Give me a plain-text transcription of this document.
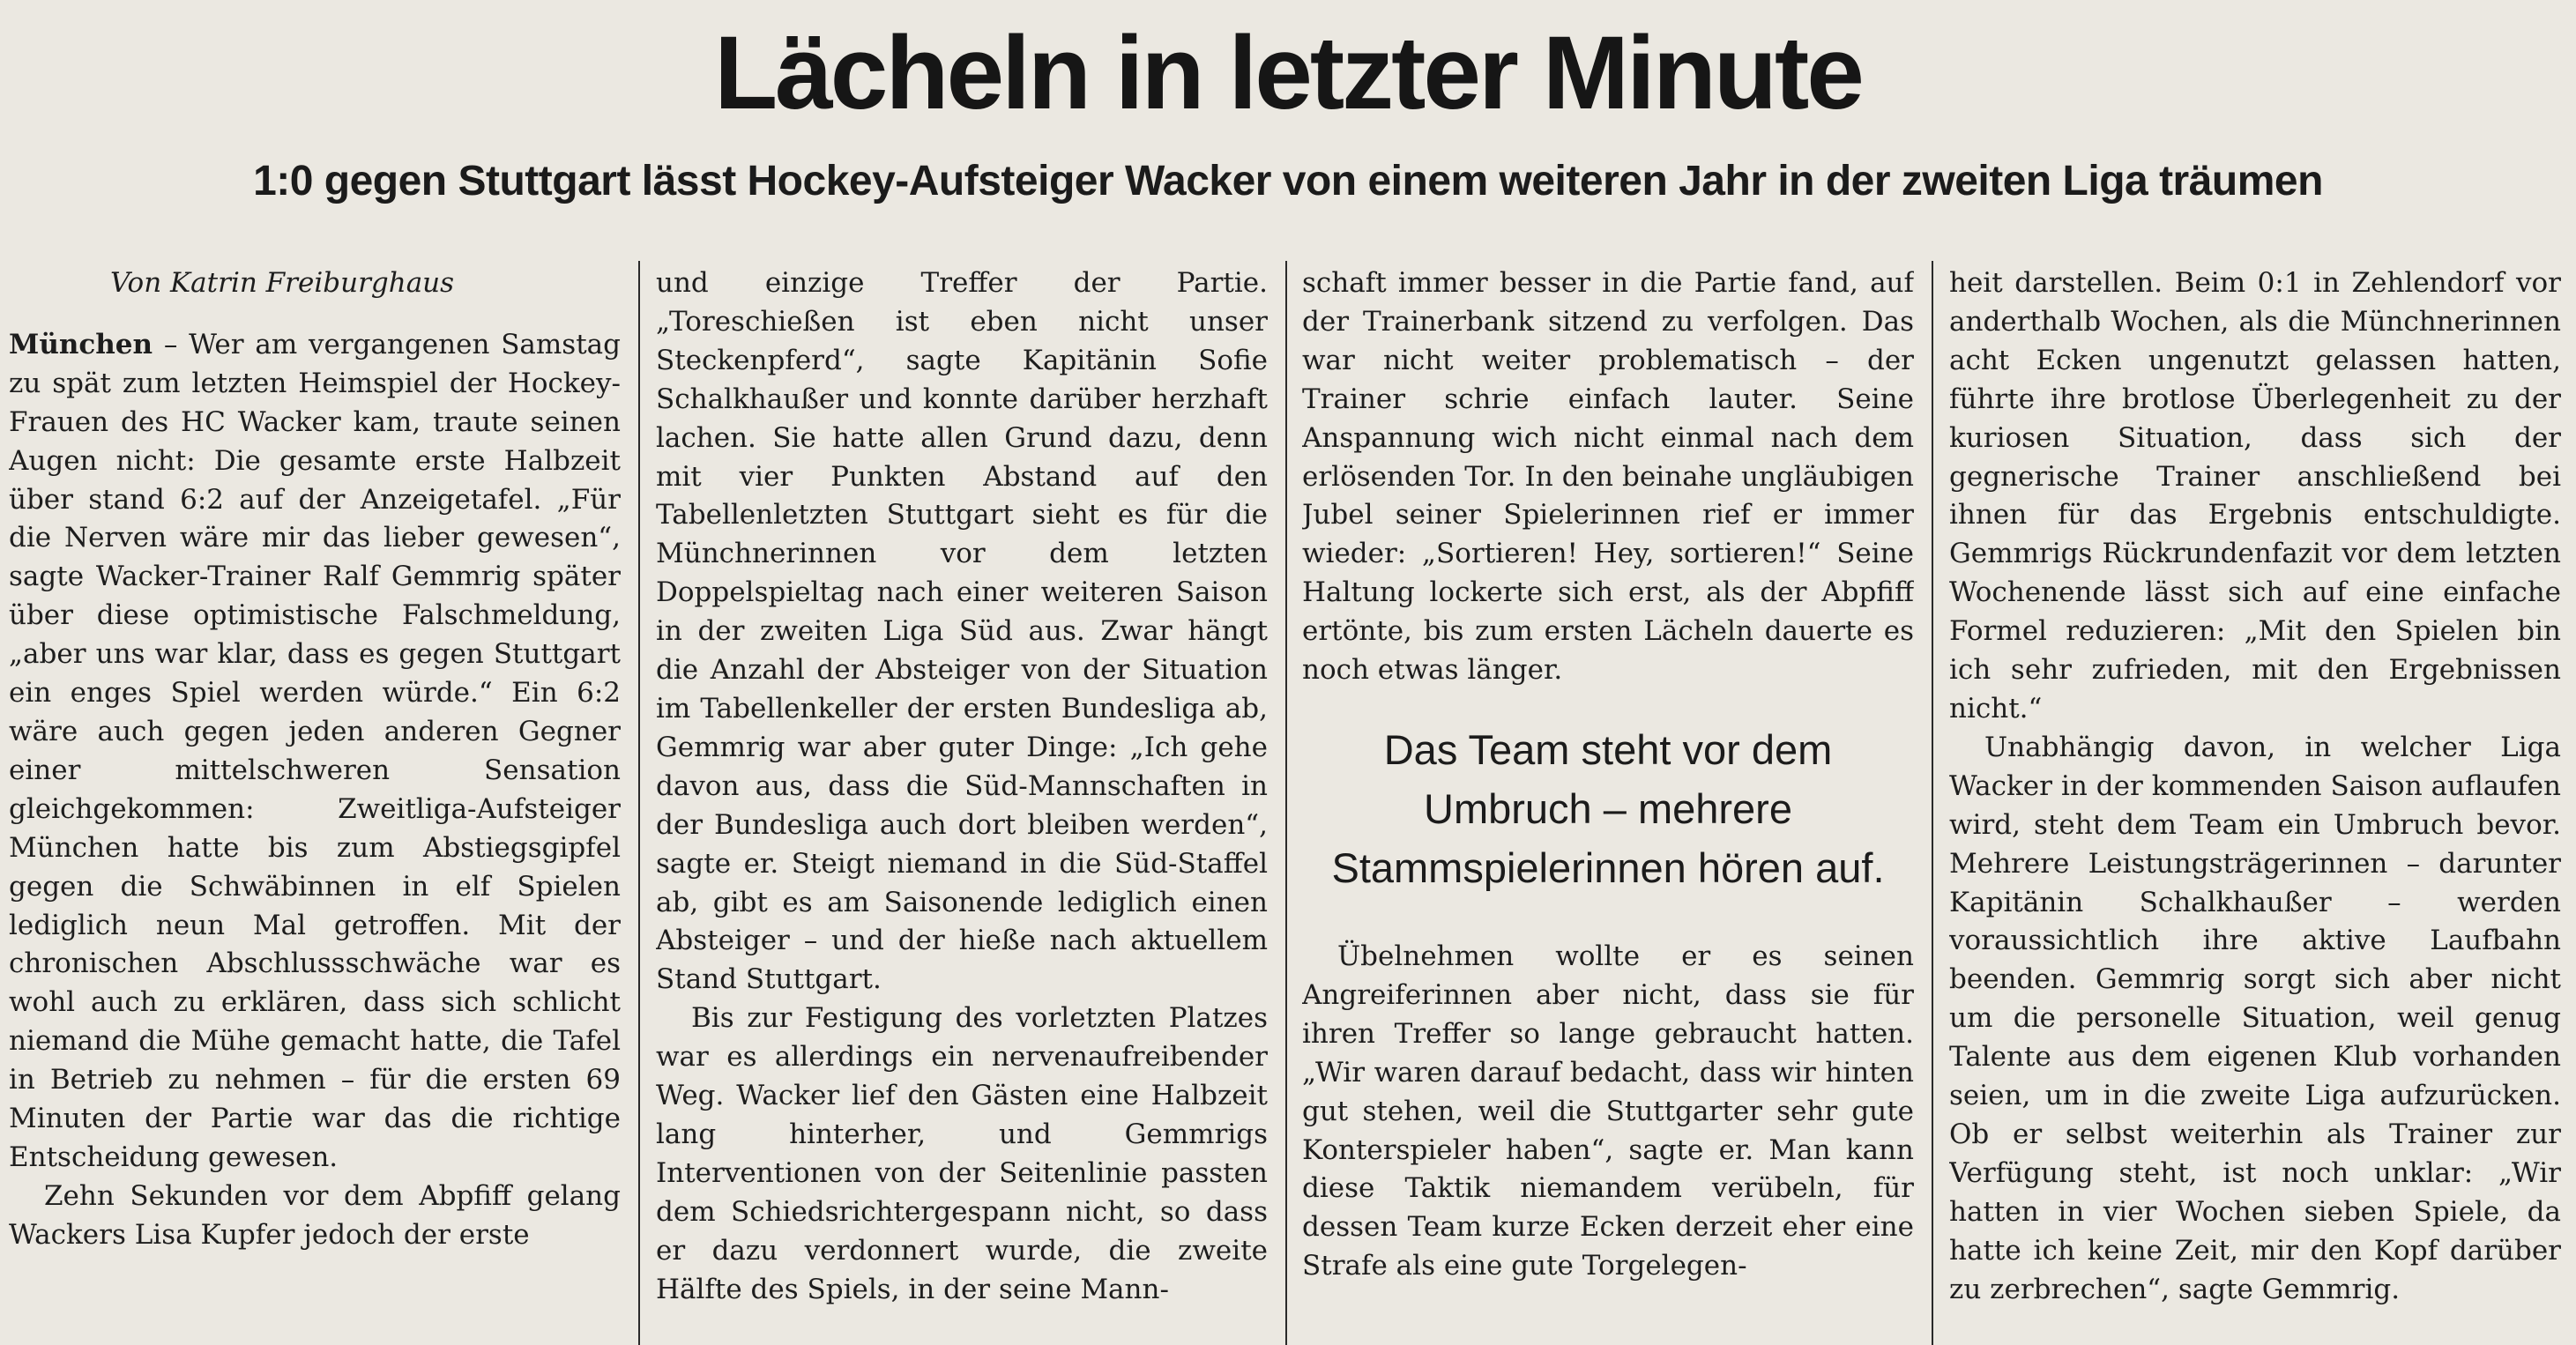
Lächeln in letzter Minute
1:0 gegen Stuttgart lässt Hockey-Aufsteiger Wacker von einem weiteren Jahr in der zweiten Liga träumen

Von Katrin Freiburghaus

München – Wer am vergangenen Samstag zu spät zum letzten Heimspiel der Hockey-Frauen des HC Wacker kam, traute seinen Augen nicht: Die gesamte erste Halbzeit über stand 6:2 auf der Anzeigetafel. „Für die Nerven wäre mir das lieber gewesen“, sagte Wacker-Trainer Ralf Gemmrig später über diese optimistische Falschmeldung, „aber uns war klar, dass es gegen Stuttgart ein enges Spiel werden würde.“ Ein 6:2 wäre auch gegen jeden anderen Gegner einer mittelschweren Sensation gleichgekommen: Zweitliga-Aufsteiger München hatte bis zum Abstiegsgipfel gegen die Schwäbinnen in elf Spielen lediglich neun Mal getroffen. Mit der chronischen Abschlussschwäche war es wohl auch zu erklären, dass sich schlicht niemand die Mühe gemacht hatte, die Tafel in Betrieb zu nehmen – für die ersten 69 Minuten der Partie war das die richtige Entscheidung gewesen.

Zehn Sekunden vor dem Abpfiff gelang Wackers Lisa Kupfer jedoch der erste

und einzige Treffer der Partie. „Toreschießen ist eben nicht unser Steckenpferd“, sagte Kapitänin Sofie Schalkhaußer und konnte darüber herzhaft lachen. Sie hatte allen Grund dazu, denn mit vier Punkten Abstand auf den Tabellenletzten Stuttgart sieht es für die Münchnerinnen vor dem letzten Doppelspieltag nach einer weiteren Saison in der zweiten Liga Süd aus. Zwar hängt die Anzahl der Absteiger von der Situation im Tabellenkeller der ersten Bundesliga ab, Gemmrig war aber guter Dinge: „Ich gehe davon aus, dass die Süd-Mannschaften in der Bundesliga auch dort bleiben werden“, sagte er. Steigt niemand in die Süd-Staffel ab, gibt es am Saisonende lediglich einen Absteiger – und der hieße nach aktuellem Stand Stuttgart.

Bis zur Festigung des vorletzten Platzes war es allerdings ein nervenaufreibender Weg. Wacker lief den Gästen eine Halbzeit lang hinterher, und Gemmrigs Interventionen von der Seitenlinie passten dem Schiedsrichtergespann nicht, so dass er dazu verdonnert wurde, die zweite Hälfte des Spiels, in der seine Mann-

schaft immer besser in die Partie fand, auf der Trainerbank sitzend zu verfolgen. Das war nicht weiter problematisch – der Trainer schrie einfach lauter. Seine Anspannung wich nicht einmal nach dem erlösenden Tor. In den beinahe ungläubigen Jubel seiner Spielerinnen rief er immer wieder: „Sortieren! Hey, sortieren!“ Seine Haltung lockerte sich erst, als der Abpfiff ertönte, bis zum ersten Lächeln dauerte es noch etwas länger.

Das Team steht vor dem Umbruch – mehrere Stammspielerinnen hören auf.

Übelnehmen wollte er es seinen Angreiferinnen aber nicht, dass sie für ihren Treffer so lange gebraucht hatten. „Wir waren darauf bedacht, dass wir hinten gut stehen, weil die Stuttgarter sehr gute Konterspieler haben“, sagte er. Man kann diese Taktik niemandem verübeln, für dessen Team kurze Ecken derzeit eher eine Strafe als eine gute Torgelegen-

heit darstellen. Beim 0:1 in Zehlendorf vor anderthalb Wochen, als die Münchnerinnen acht Ecken ungenutzt gelassen hatten, führte ihre brotlose Überlegenheit zu der kuriosen Situation, dass sich der gegnerische Trainer anschließend bei ihnen für das Ergebnis entschuldigte. Gemmrigs Rückrundenfazit vor dem letzten Wochenende lässt sich auf eine einfache Formel reduzieren: „Mit den Spielen bin ich sehr zufrieden, mit den Ergebnissen nicht.“

Unabhängig davon, in welcher Liga Wacker in der kommenden Saison auflaufen wird, steht dem Team ein Umbruch bevor. Mehrere Leistungsträgerinnen – darunter Kapitänin Schalkhaußer – werden voraussichtlich ihre aktive Laufbahn beenden. Gemmrig sorgt sich aber nicht um die personelle Situation, weil genug Talente aus dem eigenen Klub vorhanden seien, um in die zweite Liga aufzurücken. Ob er selbst weiterhin als Trainer zur Verfügung steht, ist noch unklar: „Wir hatten in vier Wochen sieben Spiele, da hatte ich keine Zeit, mir den Kopf darüber zu zerbrechen“, sagte Gemmrig.
